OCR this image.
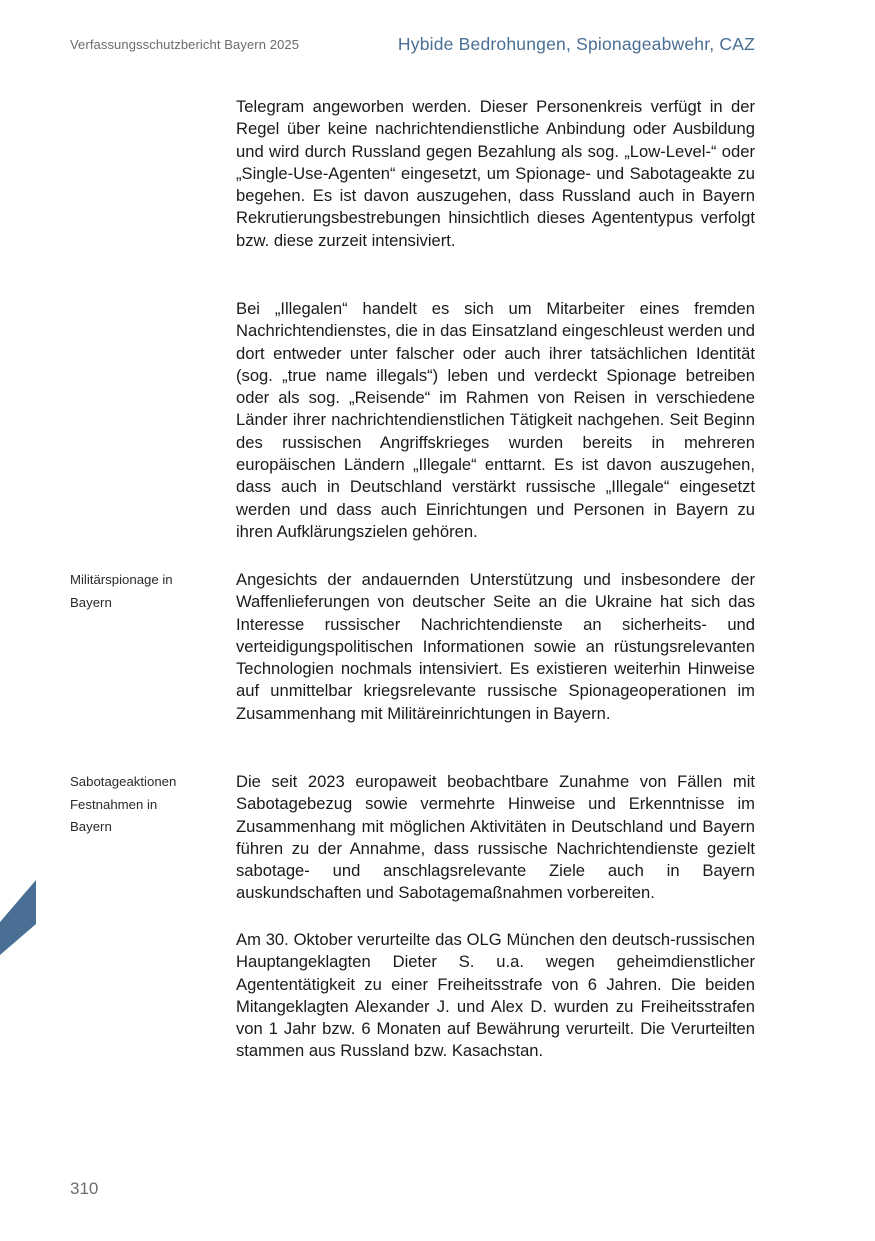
Verfassungsschutzbericht Bayern 2025	Hybide Bedrohungen, Spionageabwehr, CAZ

Telegram angeworben werden. Dieser Personenkreis verfügt in der Regel über keine nachrichtendienstliche Anbindung oder Ausbildung und wird durch Russland gegen Bezahlung als sog. „Low-Level-“ oder „Single-Use-Agenten“ eingesetzt, um Spionage- und Sabotageakte zu begehen. Es ist davon auszugehen, dass Russland auch in Bayern Rekrutierungsbestrebungen hinsichtlich dieses Agententypus verfolgt bzw. diese zurzeit intensiviert.

Bei „Illegalen“ handelt es sich um Mitarbeiter eines fremden Nachrichtendienstes, die in das Einsatzland eingeschleust werden und dort entweder unter falscher oder auch ihrer tatsächlichen Identität (sog. „true name illegals“) leben und verdeckt Spionage betreiben oder als sog. „Reisende“ im Rahmen von Reisen in verschiedene Länder ihrer nachrichtendienstlichen Tätigkeit nachgehen. Seit Beginn des russischen Angriffskrieges wurden bereits in mehreren europäischen Ländern „Illegale“ enttarnt. Es ist davon auszugehen, dass auch in Deutschland verstärkt russische „Illegale“ eingesetzt werden und dass auch Einrichtungen und Personen in Bayern zu ihren Aufklärungszielen gehören.

Militärspionage in
Bayern

Angesichts der andauernden Unterstützung und insbesondere der Waffenlieferungen von deutscher Seite an die Ukraine hat sich das Interesse russischer Nachrichtendienste an sicherheits- und verteidigungspolitischen Informationen sowie an rüstungsrelevanten Technologien nochmals intensiviert. Es existieren weiterhin Hinweise auf unmittelbar kriegsrelevante russische Spionageoperationen im Zusammenhang mit Militäreinrichtungen in Bayern.

Sabotageaktionen
Festnahmen in
Bayern

Die seit 2023 europaweit beobachtbare Zunahme von Fällen mit Sabotagebezug sowie vermehrte Hinweise und Erkenntnisse im Zusammenhang mit möglichen Aktivitäten in Deutschland und Bayern führen zu der Annahme, dass russische Nachrichtendienste gezielt sabotage- und anschlagsrelevante Ziele auch in Bayern auskundschaften und Sabotagemaßnahmen vorbereiten.

Am 30. Oktober verurteilte das OLG München den deutsch-russischen Hauptangeklagten Dieter S. u.a. wegen geheimdienstlicher Agententätigkeit zu einer Freiheitsstrafe von 6 Jahren. Die beiden Mitangeklagten Alexander J. und Alex D. wurden zu Freiheitsstrafen von 1 Jahr bzw. 6 Monaten auf Bewährung verurteilt. Die Verurteilten stammen aus Russland bzw. Kasachstan.

310
